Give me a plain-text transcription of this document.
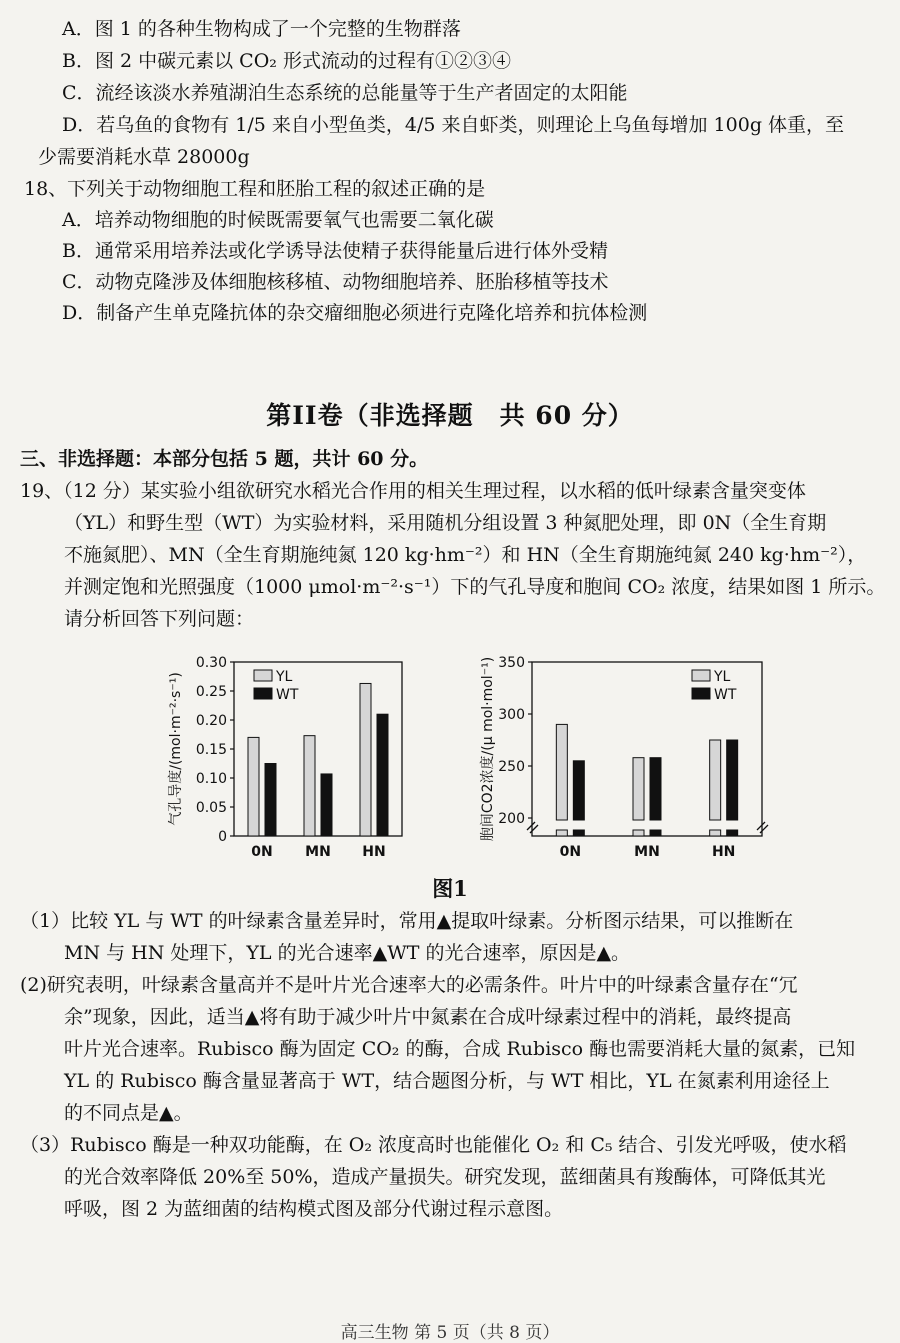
A．图 1 的各种生物构成了一个完整的生物群落
B．图 2 中碳元素以 CO₂ 形式流动的过程有①②③④
C．流经该淡水养殖湖泊生态系统的总能量等于生产者固定的太阳能
D．若乌鱼的食物有 1/5 来自小型鱼类，4/5 来自虾类，则理论上乌鱼每增加 100g 体重，至
少需要消耗水草 28000g
18、下列关于动物细胞工程和胚胎工程的叙述正确的是
A．培养动物细胞的时候既需要氧气也需要二氧化碳
B．通常采用培养法或化学诱导法使精子获得能量后进行体外受精
C．动物克隆涉及体细胞核移植、动物细胞培养、胚胎移植等技术
D．制备产生单克隆抗体的杂交瘤细胞必须进行克隆化培养和抗体检测
第II卷（非选择题　共 60 分）
三、非选择题：本部分包括 5 题，共计 60 分。
19、（12 分）某实验小组欲研究水稻光合作用的相关生理过程，以水稻的低叶绿素含量突变体
（YL）和野生型（WT）为实验材料，采用随机分组设置 3 种氮肥处理，即 0N（全生育期
不施氮肥）、MN（全生育期施纯氮 120 kg·hm⁻²）和 HN（全生育期施纯氮 240 kg·hm⁻²），
并测定饱和光照强度（1000 μmol·m⁻²·s⁻¹）下的气孔导度和胞间 CO₂ 浓度，结果如图 1 所示。
请分析回答下列问题：
0
0.05
0.10
0.15
0.20
0.25
0.30
气孔导度/(mol·m⁻²·s⁻¹)
0N MN HN
YL
WT
200
250
300
350
胞间CO2浓度/(μ mol·mol⁻¹)
0N	MN	HN
YL
WT
图1
（1）比较 YL 与 WT 的叶绿素含量差异时，常用▲提取叶绿素。分析图示结果，可以推断在
MN 与 HN 处理下，YL 的光合速率▲WT 的光合速率，原因是▲。
(2)研究表明，叶绿素含量高并不是叶片光合速率大的必需条件。叶片中的叶绿素含量存在“冗
余”现象，因此，适当▲将有助于减少叶片中氮素在合成叶绿素过程中的消耗，最终提高
叶片光合速率。Rubisco 酶为固定 CO₂ 的酶，合成 Rubisco 酶也需要消耗大量的氮素，已知
YL 的 Rubisco 酶含量显著高于 WT，结合题图分析，与 WT 相比，YL 在氮素利用途径上
的不同点是▲。
（3）Rubisco 酶是一种双功能酶，在 O₂ 浓度高时也能催化 O₂ 和 C₅ 结合、引发光呼吸，使水稻
的光合效率降低 20%至 50%，造成产量损失。研究发现，蓝细菌具有羧酶体，可降低其光
呼吸，图 2 为蓝细菌的结构模式图及部分代谢过程示意图。
高三生物 第 5 页（共 8 页）
